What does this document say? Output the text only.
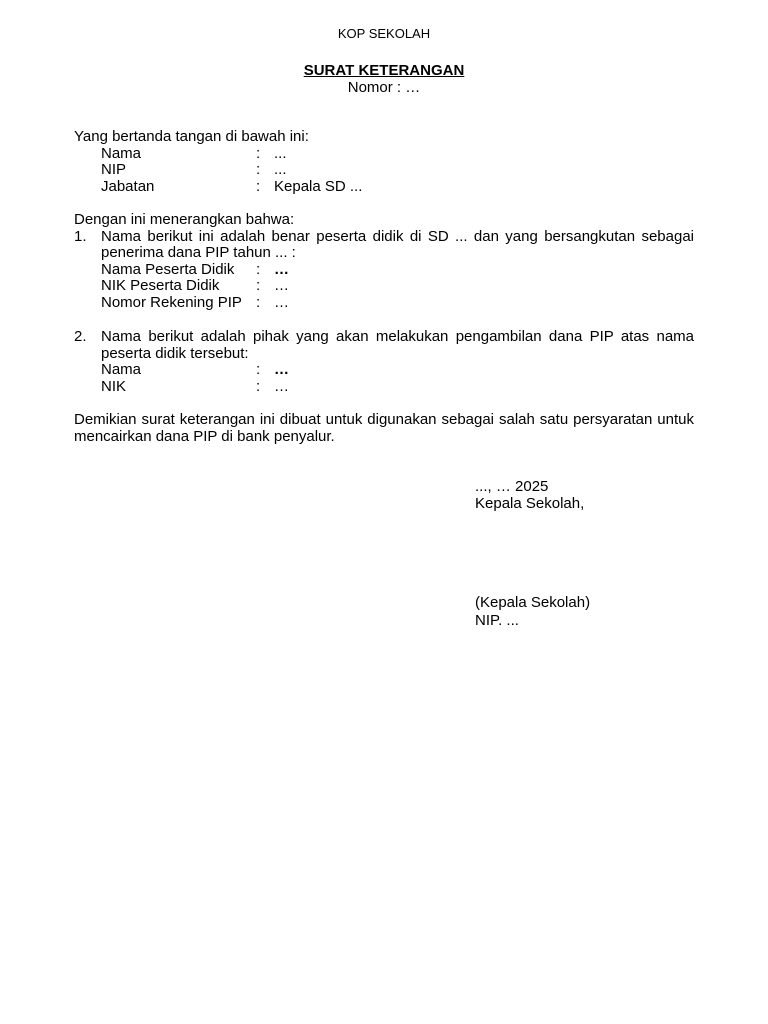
KOP SEKOLAH
SURAT KETERANGAN
Nomor : …
Yang bertanda tangan di bawah ini:
Nama	: ...
NIP	: ...
Jabatan	: Kepala SD ...
Dengan ini menerangkan bahwa:
1. Nama berikut ini adalah benar peserta didik di SD ... dan yang bersangkutan sebagai penerima dana PIP tahun ... :
Nama Peserta Didik : …
NIK Peserta Didik : …
Nomor Rekening PIP : …
2. Nama berikut adalah pihak yang akan melakukan pengambilan dana PIP atas nama peserta didik tersebut:
Nama	: …
NIK	: …
Demikian surat keterangan ini dibuat untuk digunakan sebagai salah satu persyaratan untuk mencairkan dana PIP di bank penyalur.
..., … 2025
Kepala Sekolah,
(Kepala Sekolah)
NIP. ...
